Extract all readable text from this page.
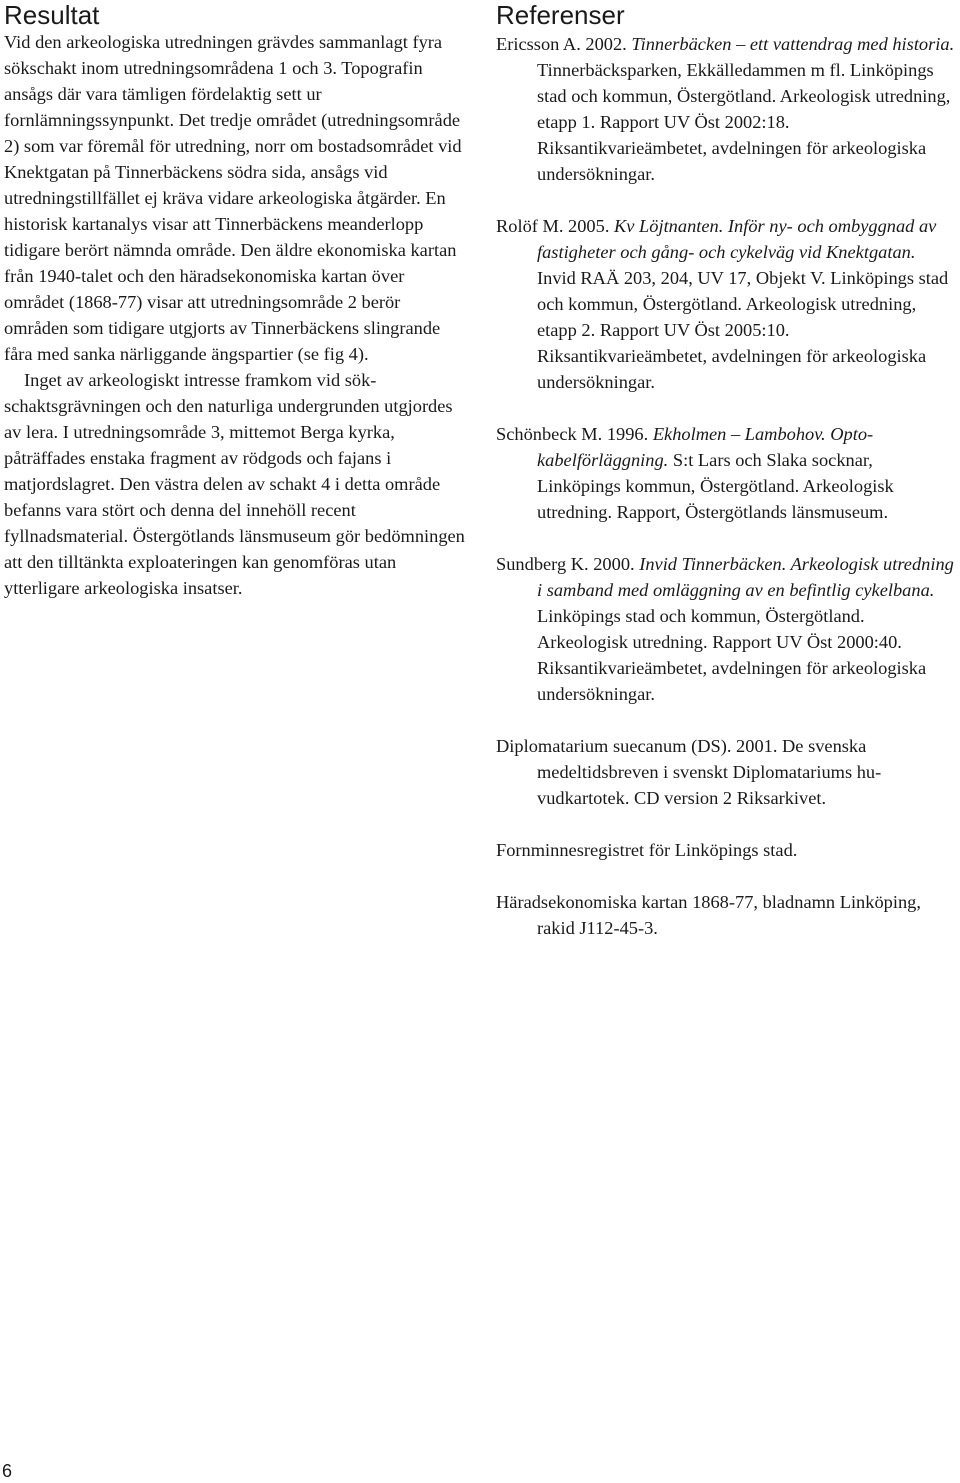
Resultat

Vid den arkeologiska utredningen grävdes sammanlagt fyra sökschakt inom utredningsområdena 1 och 3. Topografin ansågs där vara tämligen fördelaktig sett ur fornlämningssynpunkt. Det tredje området (utredningsområde 2) som var föremål för utredning, norr om bostadsområdet vid Knektgatan på Tinnerbäckens södra sida, ansågs vid utredningstillfället ej kräva vidare arkeologiska åtgärder. En historisk kartanalys visar att Tinnerbäckens meanderlopp tidigare berört nämnda område. Den äldre ekonomiska kartan från 1940-talet och den häradsekonomiska kartan över området (1868-77) visar att utredningsområde 2 berör områden som tidigare utgjorts av Tinnerbäckens slingrande fåra med sanka närliggande ängspartier (se fig 4).

Inget av arkeologiskt intresse framkom vid sökschaktsgrävningen och den naturliga undergrunden utgjordes av lera. I utredningsområde 3, mittemot Berga kyrka, påträffades enstaka fragment av rödgods och fajans i matjordslagret. Den västra delen av schakt 4 i detta område befanns vara stört och denna del innehöll recent fyllnadsmaterial. Östergötlands länsmuseum gör bedömningen att den tilltänkta exploateringen kan genomföras utan ytterligare arkeologiska insatser.

Referenser

Ericsson A. 2002. Tinnerbäcken – ett vattendrag med historia. Tinnerbäcksparken, Ekkälledammen m fl. Linköpings stad och kommun, Östergötland. Arkeologisk utredning, etapp 1. Rapport UV Öst 2002:18. Riksantikvarieämbetet, avdelningen för arkeologiska undersökningar.

Rolöf M. 2005. Kv Löjtnanten. Inför ny- och ombyggnad av fastigheter och gång- och cykelväg vid Knektgatan. Invid RAÄ 203, 204, UV 17, Objekt V. Linköpings stad och kommun, Östergötland. Arkeologisk utredning, etapp 2. Rapport UV Öst 2005:10. Riksantikvarieämbetet, avdelningen för arkeologiska undersökningar.

Schönbeck M. 1996. Ekholmen – Lambohov. Optokabelförläggning. S:t Lars och Slaka socknar, Linköpings kommun, Östergötland. Arkeologisk utredning. Rapport, Östergötlands länsmuseum.

Sundberg K. 2000. Invid Tinnerbäcken. Arkeologisk utredning i samband med omläggning av en befintlig cykelbana. Linköpings stad och kommun, Östergötland. Arkeologisk utredning. Rapport UV Öst 2000:40. Riksantikvarieämbetet, avdelningen för arkeologiska undersökningar.

Diplomatarium suecanum (DS). 2001. De svenska medeltidsbreven i svenskt Diplomatariums huvudkartotek. CD version 2 Riksarkivet.

Fornminnesregistret för Linköpings stad.

Häradsekonomiska kartan 1868-77, bladnamn Linköping, rakid J112-45-3.

6
